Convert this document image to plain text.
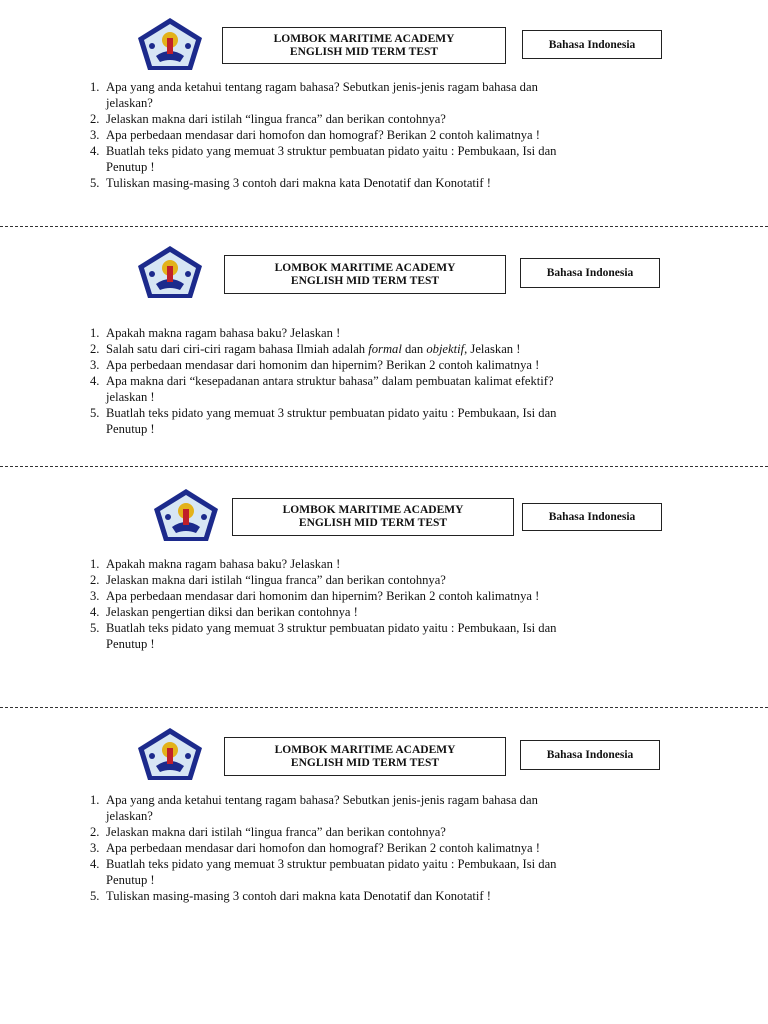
LOMBOK MARITIME ACADEMY
ENGLISH MID TERM TEST
Bahasa Indonesia
1. Apa yang anda ketahui tentang ragam bahasa? Sebutkan jenis-jenis ragam bahasa dan
jelaskan?
2. Jelaskan makna dari istilah “lingua franca” dan berikan contohnya?
3. Apa perbedaan mendasar dari homofon dan homograf? Berikan 2 contoh kalimatnya !
4. Buatlah teks pidato yang memuat 3 struktur pembuatan pidato yaitu : Pembukaan, Isi dan
Penutup !
5. Tuliskan masing-masing 3 contoh dari makna kata Denotatif dan Konotatif !
LOMBOK MARITIME ACADEMY
ENGLISH MID TERM TEST
Bahasa Indonesia
1. Apakah makna ragam bahasa baku? Jelaskan !
2. Salah satu dari ciri-ciri ragam bahasa Ilmiah adalah formal dan objektif, Jelaskan !
3. Apa perbedaan mendasar dari homonim dan hipernim? Berikan 2 contoh kalimatnya !
4. Apa makna dari “kesepadanan antara struktur bahasa” dalam pembuatan kalimat efektif?
jelaskan !
5. Buatlah teks pidato yang memuat 3 struktur pembuatan pidato yaitu : Pembukaan, Isi dan
Penutup !
LOMBOK MARITIME ACADEMY
ENGLISH MID TERM TEST	Bahasa Indonesia
1. Apakah makna ragam bahasa baku? Jelaskan !
2. Jelaskan makna dari istilah “lingua franca” dan berikan contohnya?
3. Apa perbedaan mendasar dari homonim dan hipernim? Berikan 2 contoh kalimatnya !
4. Jelaskan pengertian diksi dan berikan contohnya !
5. Buatlah teks pidato yang memuat 3 struktur pembuatan pidato yaitu : Pembukaan, Isi dan
Penutup !
LOMBOK MARITIME ACADEMY
ENGLISH MID TERM TEST
Bahasa Indonesia
1. Apa yang anda ketahui tentang ragam bahasa? Sebutkan jenis-jenis ragam bahasa dan
jelaskan?
2. Jelaskan makna dari istilah “lingua franca” dan berikan contohnya?
3. Apa perbedaan mendasar dari homofon dan homograf? Berikan 2 contoh kalimatnya !
4. Buatlah teks pidato yang memuat 3 struktur pembuatan pidato yaitu : Pembukaan, Isi dan
Penutup !
5. Tuliskan masing-masing 3 contoh dari makna kata Denotatif dan Konotatif !
